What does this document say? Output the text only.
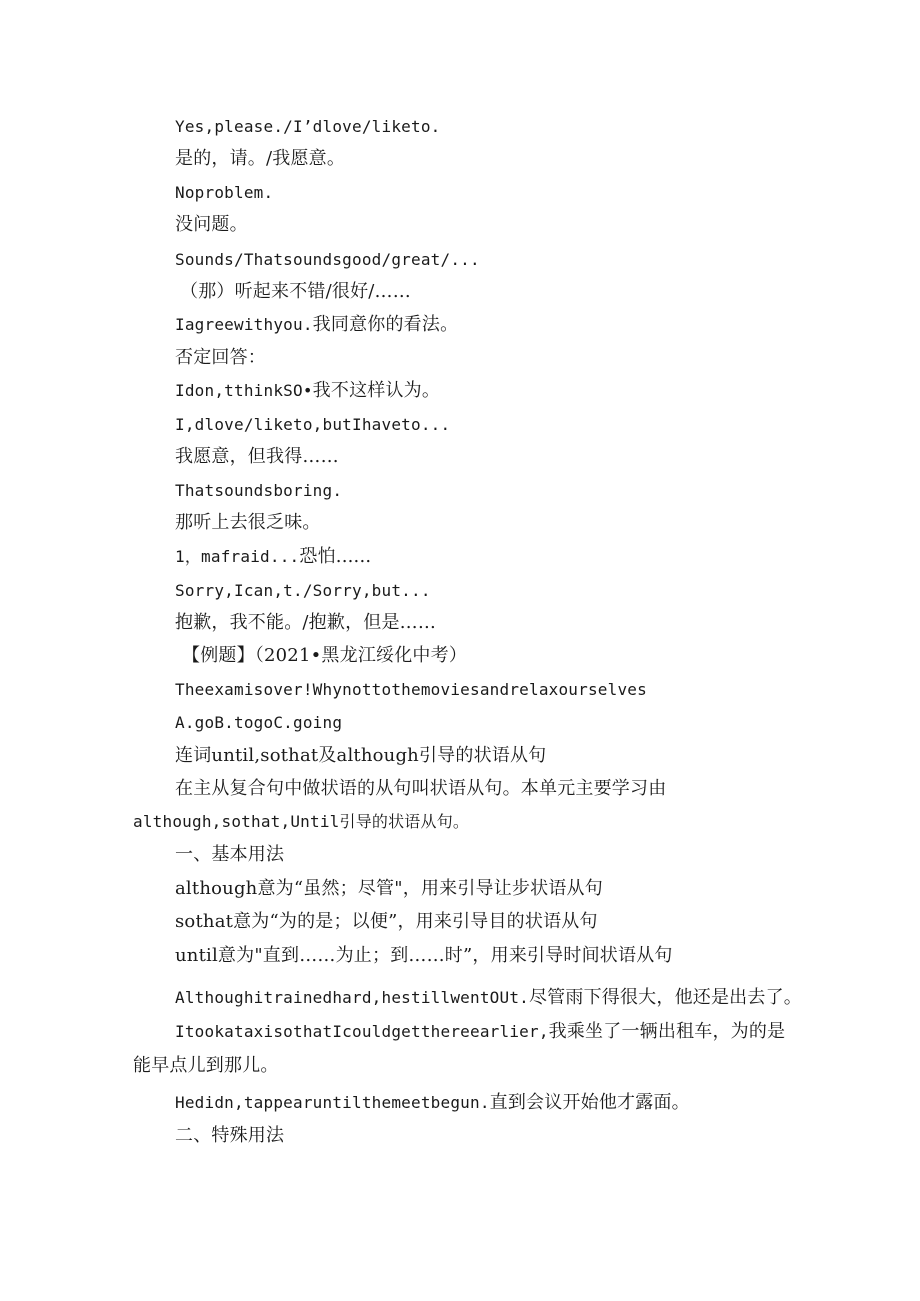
Yes,please./I’dlove/liketo.
是的，请。/我愿意。
Noproblem.
没问题。
Sounds/Thatsoundsgood/great/...
（那）听起来不错/很好/……
Iagreewithyou.我同意你的看法。
否定回答：
Idon,tthinkSO•我不这样认为。
I,dlove/liketo,butIhaveto...
我愿意，但我得……
Thatsoundsboring.
那听上去很乏味。
1，mafraid...恐怕......
Sorry,Ican,t./Sorry,but...
抱歉，我不能。/抱歉，但是……
【例题】（2021•黑龙江绥化中考）
Theexamisover!Whynottothemoviesandrelaxourselves
A.goB.togoC.going
连词until,sothat及although引导的状语从句
在主从复合句中做状语的从句叫状语从句。本单元主要学习由
although,sothat,Until引导的状语从句。
一、基本用法
although意为“虽然；尽管"，用来引导让步状语从句
sothat意为“为的是；以便”，用来引导目的状语从句
until意为"直到……为止；到……时”，用来引导时间状语从句
Althoughitrainedhard,hestillwentOUt.尽管雨下得很大，他还是出去了。
ItookataxisothatIcouldgetthereearlier,我乘坐了一辆出租车，为的是
能早点儿到那儿。
Hedidn,tappearuntilthemeetbegun.直到会议开始他才露面。
二、特殊用法
